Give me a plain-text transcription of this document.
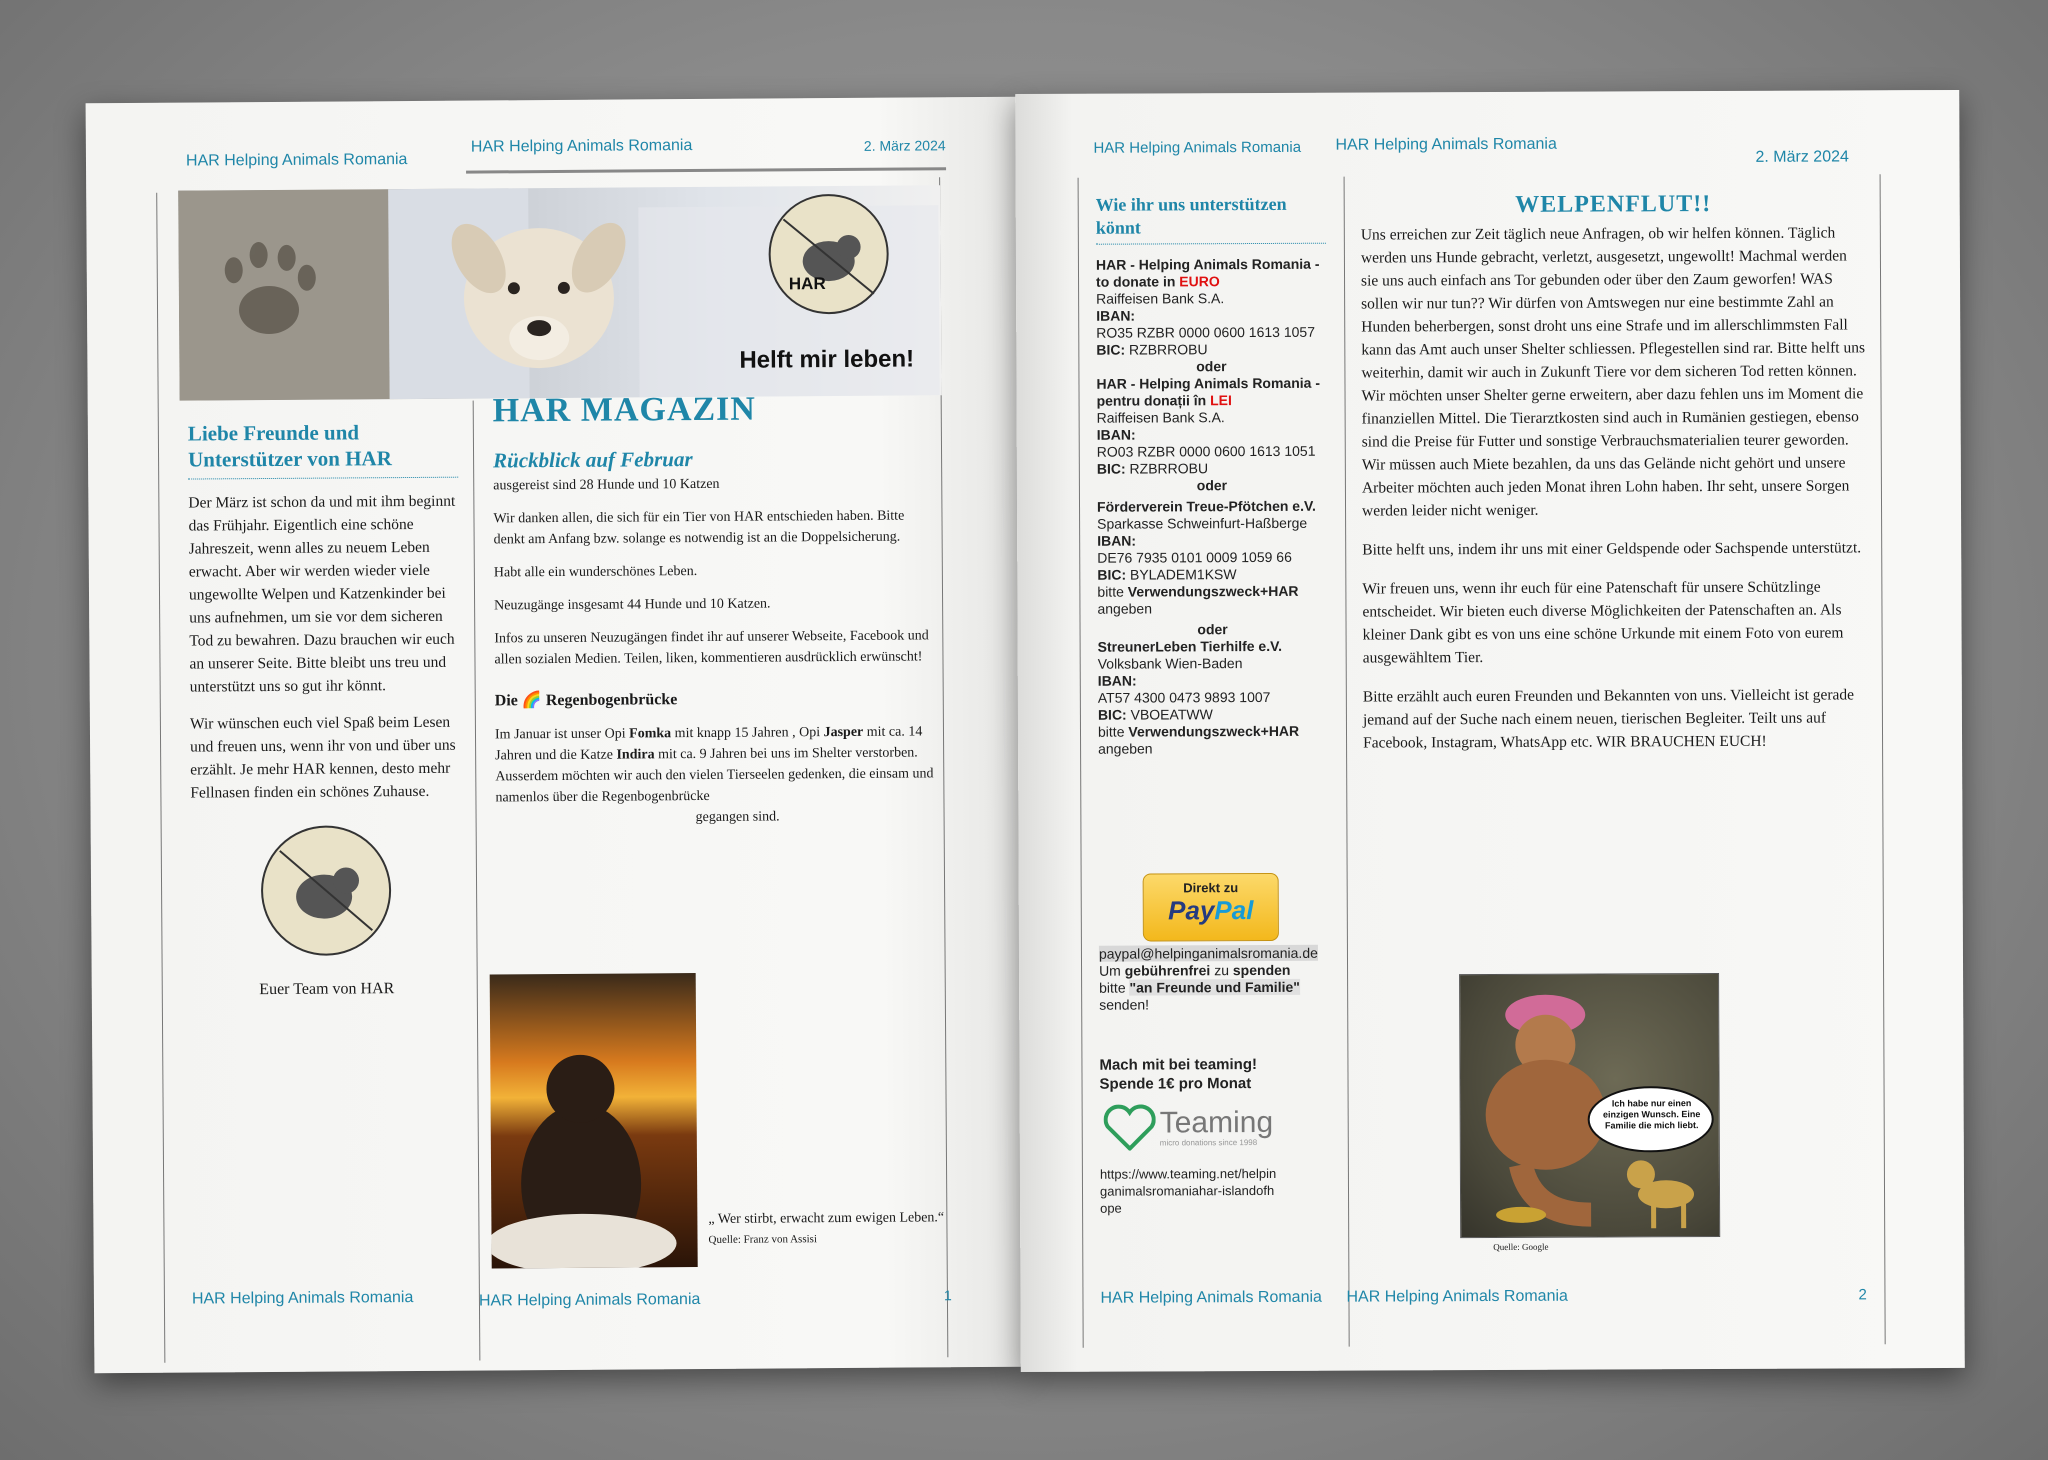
HAR Helping Animals Romania
HAR Helping Animals Romania	2. März 2024
HAR
Helft mir leben!
Liebe Freunde und Unterstützer von HAR

Der März ist schon da und mit ihm beginnt das Frühjahr. Eigentlich eine schöne Jahreszeit, wenn alles zu neuem Leben erwacht. Aber wir werden wieder viele ungewollte Welpen und Katzenkinder bei uns aufnehmen, um sie vor dem sicheren Tod zu bewahren. Dazu brauchen wir euch an unserer Seite. Bitte bleibt uns treu und unterstützt uns so gut ihr könnt.

Wir wünschen euch viel Spaß beim Lesen und freuen uns, wenn ihr von und über uns erzählt. Je mehr HAR kennen, desto mehr Fellnasen finden ein schönes Zuhause.

Euer Team von HAR
HAR MAGAZIN
Rückblick auf Februar

ausgereist sind 28 Hunde und 10 Katzen

Wir danken allen, die sich für ein Tier von HAR entschieden haben. Bitte denkt am Anfang bzw. solange es notwendig ist an die Doppelsicherung.

Habt alle ein wunderschönes Leben.

Neuzugänge insgesamt 44 Hunde und 10 Katzen.

Infos zu unseren Neuzugängen findet ihr auf unserer Webseite, Facebook und allen sozialen Medien. Teilen, liken, kommentieren ausdrücklich erwünscht!

Die 🌈 Regenbogenbrücke

Im Januar ist unser Opi Fomka mit knapp 15 Jahren , Opi Jasper mit ca. 14 Jahren und die Katze Indira mit ca. 9 Jahren bei uns im Shelter verstorben.

Ausserdem möchten wir auch den vielen Tierseelen gedenken, die einsam und namenlos über die Regenbogenbrücke

gegangen sind.

„ Wer stirbt, erwacht zum ewigen Leben.“

Quelle: Franz von Assisi

HAR Helping Animals Romania	HAR Helping Animals Romania	1
HAR Helping Animals Romania HAR Helping Animals Romania
2. März 2024
Wie ihr uns unterstützen könnt
HAR - Helping Animals Romania - to donate in EURO
Raiffeisen Bank S.A.
IBAN:
RO35 RZBR 0000 0600 1613 1057
BIC: RZBRROBU
oder
HAR - Helping Animals Romania - pentru donații în LEI
Raiffeisen Bank S.A.
IBAN:
RO03 RZBR 0000 0600 1613 1051
BIC: RZBRROBU
oder
Förderverein Treue-Pfötchen e.V.
Sparkasse Schweinfurt-Haßberge
IBAN:
DE76 7935 0101 0009 1059 66
BIC: BYLADEM1KSW
bitte Verwendungszweck+HAR
angeben
oder
StreunerLeben Tierhilfe e.V.
Volksbank Wien-Baden
IBAN:
AT57 4300 0473 9893 1007
BIC: VBOEATWW
bitte Verwendungszweck+HAR
angeben
Direkt zu
PayPal
paypal@helpinganimalsromania.de
Um gebührenfrei zu spenden
bitte "an Freunde und Familie"
senden!
Mach mit bei teaming!
Spende 1€ pro Monat
Teaming
micro donations since 1998
https://www.teaming.net/helpinganimalsromaniahar-islandofhope
WELPENFLUT!!

Uns erreichen zur Zeit täglich neue Anfragen, ob wir helfen können. Täglich werden uns Hunde gebracht, verletzt, ausgesetzt, ungewollt! Machmal werden sie uns auch einfach ans Tor gebunden oder über den Zaum geworfen! WAS sollen wir nur tun?? Wir dürfen von Amtswegen nur eine bestimmte Zahl an Hunden beherbergen, sonst droht uns eine Strafe und im allerschlimmsten Fall kann das Amt auch unser Shelter schliessen. Pflegestellen sind rar. Bitte helft uns weiterhin, damit wir auch in Zukunft Tiere vor dem sicheren Tod retten können. Wir möchten unser Shelter gerne erweitern, aber dazu fehlen uns im Moment die finanziellen Mittel. Die Tierarztkosten sind auch in Rumänien gestiegen, ebenso sind die Preise für Futter und sonstige Verbrauchsmaterialien teurer geworden. Wir müssen auch Miete bezahlen, da uns das Gelände nicht gehört und unsere Arbeiter möchten auch jeden Monat ihren Lohn haben. Ihr seht, unsere Sorgen werden leider nicht weniger.

Bitte helft uns, indem ihr uns mit einer Geldspende oder Sachspende unterstützt.

Wir freuen uns, wenn ihr euch für eine Patenschaft für unsere Schützlinge entscheidet. Wir bieten euch diverse Möglichkeiten der Patenschaften an. Als kleiner Dank gibt es von uns eine schöne Urkunde mit einem Foto von eurem ausgewähltem Tier.

Bitte erzählt auch euren Freunden und Bekannten von uns. Vielleicht ist gerade jemand auf der Suche nach einem neuen, tierischen Begleiter. Teilt uns auf Facebook, Instagram, WhatsApp etc. WIR BRAUCHEN EUCH!

Ich habe nur einen einzigen Wunsch. Eine Familie die mich liebt.
Quelle: Google
HAR Helping Animals Romania HAR Helping Animals Romania	2
